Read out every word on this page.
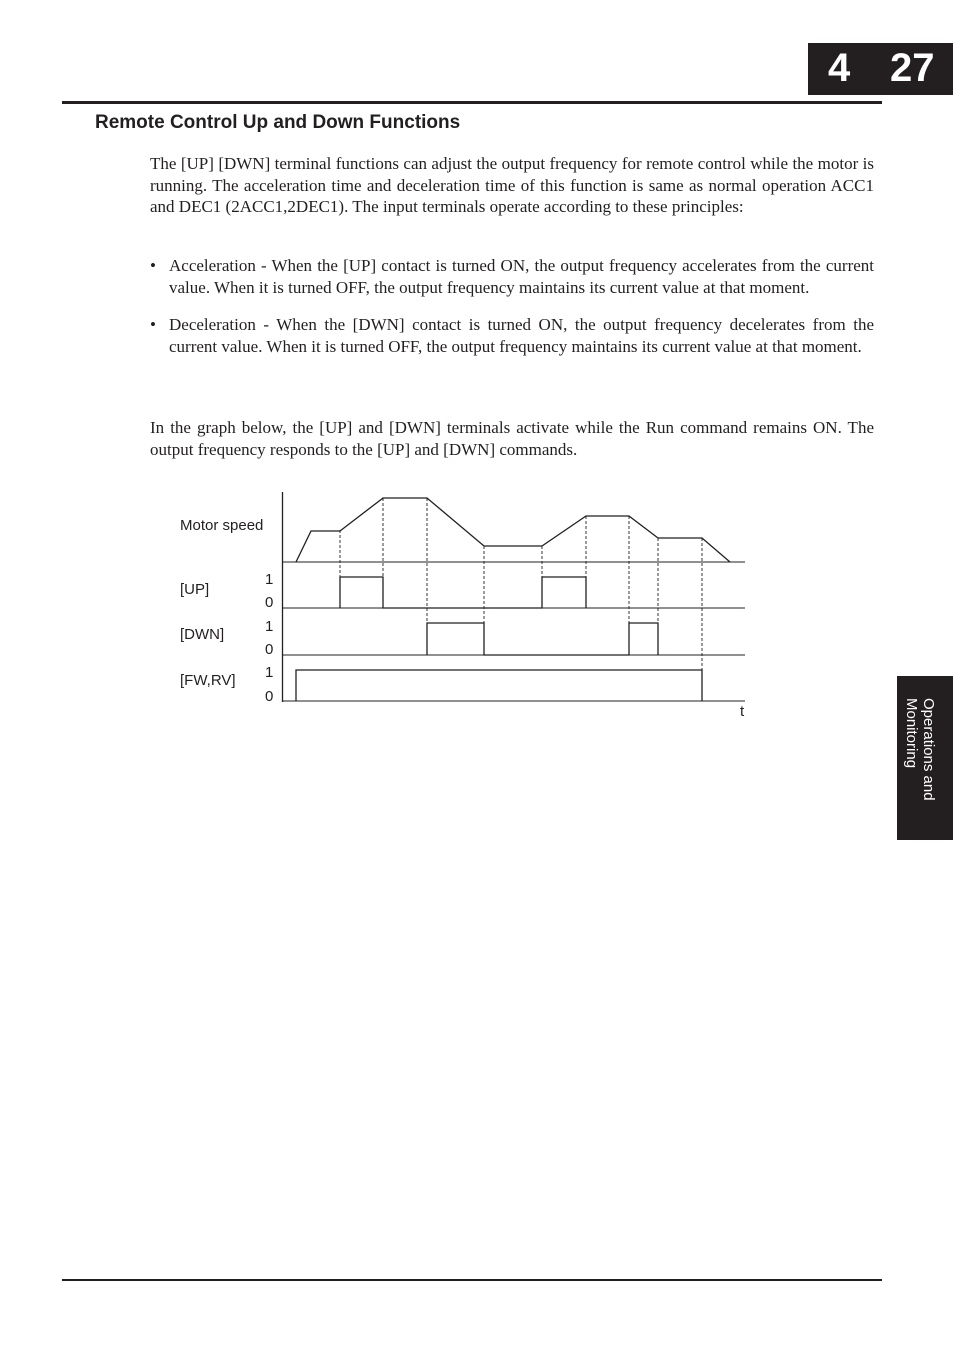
4 27
Remote Control Up and Down Functions

The [UP] [DWN] terminal functions can adjust the output frequency for remote control while the motor is running. The acceleration time and deceleration time of this function is same as normal operation ACC1 and DEC1 (2ACC1,2DEC1). The input terminals operate according to these principles:

• Acceleration - When the [UP] contact is turned ON, the output frequency accelerates from the current value. When it is turned OFF, the output frequency maintains its current value at that moment.
• Deceleration - When the [DWN] contact is turned ON, the output frequency decelerates from the current value. When it is turned OFF, the output frequency maintains its current value at that moment.

In the graph below, the [UP] and [DWN] terminals activate while the Run command remains ON. The output frequency responds to the [UP] and [DWN] commands.

Motor speed
[UP]
[DWN]
[FW,RV]
1
0
1
0
1
0
t	Operations and
Monitoring
